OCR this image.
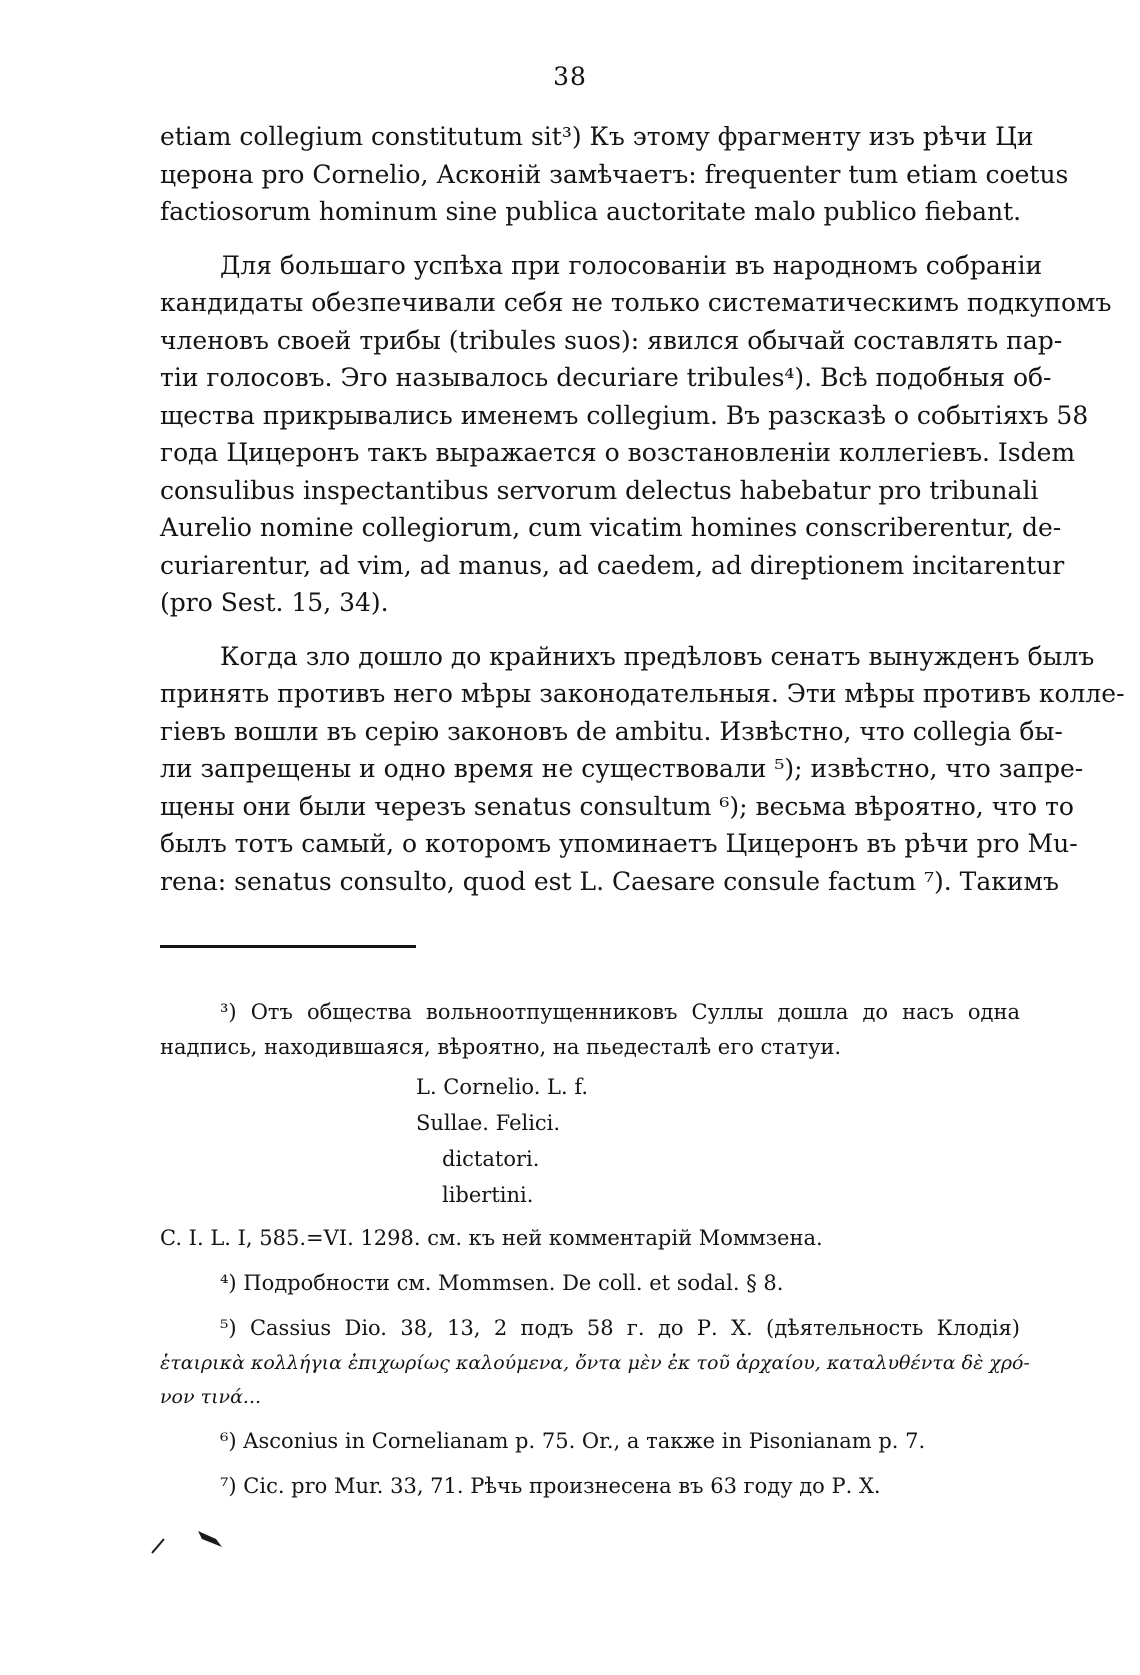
38
etiam collegium constitutum sit³) Къ этому фрагменту изъ рѣчи Ци
церона pro Cornelio, Асконій замѣчаетъ: frequenter tum etiam coetus
factiosorum hominum sine publica auctoritate malo publico fiebant.
Для большаго успѣха при голосованіи въ народномъ собраніи
кандидаты обезпечивали себя не только систематическимъ подкупомъ
членовъ своей трибы (tribules suos): явился обычай составлять пар-
тіи голосовъ. Эго называлось decuriare tribules⁴). Всѣ подобныя об-
щества прикрывались именемъ collegium. Въ разсказѣ о событіяхъ 58
года Цицеронъ такъ выражается о возстановленіи коллегіевъ. Isdem
consulibus inspectantibus servorum delectus habebatur pro tribunali
Aurelio nomine collegiorum, cum vicatim homines conscriberentur, de-
curiarentur, ad vim, ad manus, ad caedem, ad direptionem incitarentur
(pro Sest. 15, 34).
Когда зло дошло до крайнихъ предѣловъ сенатъ вынужденъ былъ
принять противъ него мѣры законодательныя. Эти мѣры противъ колле-
гіевъ вошли въ серію законовъ de ambitu. Извѣстно, что collegia бы-
ли запрещены и одно время не существовали ⁵); извѣстно, что запре-
щены они были черезъ senatus consultum ⁶); весьма вѣроятно, что то
былъ тотъ самый, о которомъ упоминаетъ Цицеронъ въ рѣчи pro Mu-
rena: senatus consulto, quod est L. Caesare consule factum ⁷). Такимъ
³) Отъ общества вольноотпущенниковъ Суллы дошла до насъ одна
надпись, находившаяся, вѣроятно, на пьедесталѣ его статуи.
L. Cornelio. L. f.
Sullae. Felici.
dictatori.
libertini.
C. I. L. I, 585.=VI. 1298. см. къ ней комментарій Моммзена.
⁴) Подробности см. Mommsen. De coll. et sodal. § 8.
⁵) Cassius Dio. 38, 13, 2 подъ 58 г. до Р. X. (дѣятельность Клодія)
ἑταιρικὰ κολλήγια ἐπιχωρίως καλούμενα, ὄντα μὲν ἐκ τοῦ ἀρχαίου, καταλυθέντα δὲ χρό-
νον τινά...
⁶) Asconius in Cornelianam p. 75. Or., а также in Pisonianam p. 7.
⁷) Cic. pro Mur. 33, 71. Рѣчь произнесена въ 63 году до Р. X.
